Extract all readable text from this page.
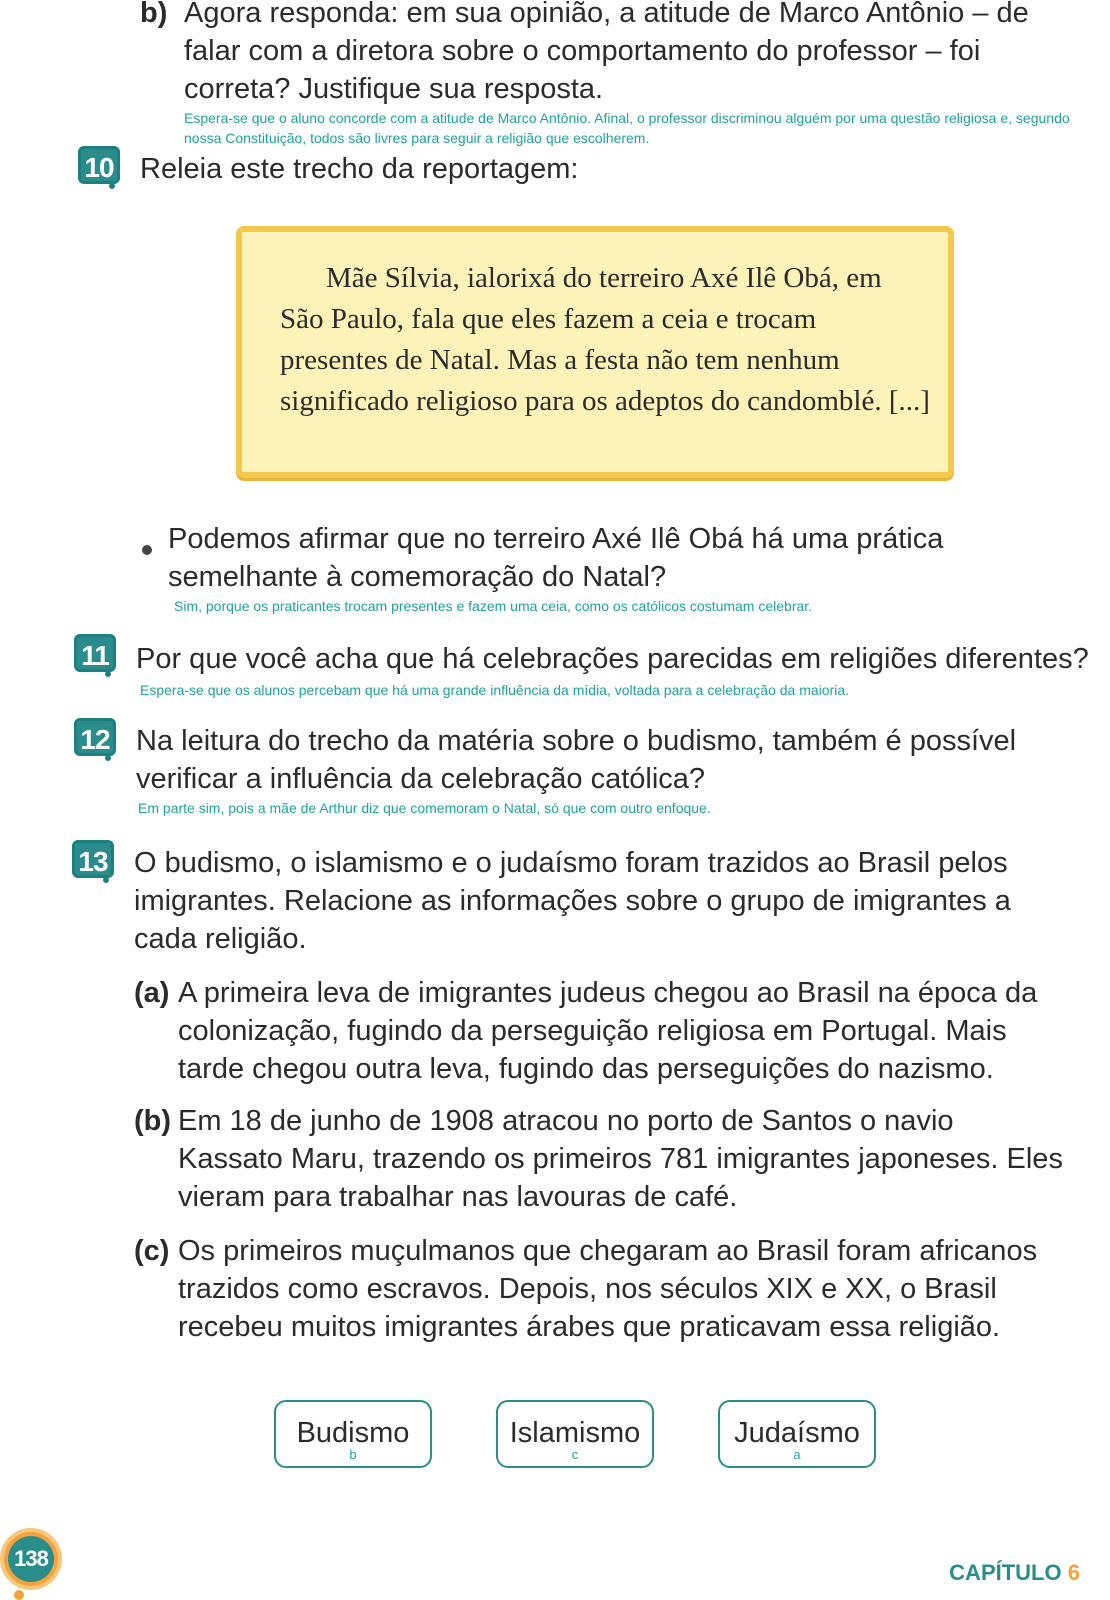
b) Agora responda: em sua opinião, a atitude de Marco Antônio – de falar com a diretora sobre o comportamento do professor – foi correta? Justifique sua resposta.
Espera-se que o aluno concorde com a atitude de Marco Antônio. Afinal, o professor discriminou alguém por uma questão religiosa e, segundo nossa Constituição, todos são livres para seguir a religião que escolherem.
10 Releia este trecho da reportagem:
Mãe Sílvia, ialorixá do terreiro Axé Ilê Obá, em São Paulo, fala que eles fazem a ceia e trocam presentes de Natal. Mas a festa não tem nenhum significado religioso para os adeptos do candomblé. [...]
Podemos afirmar que no terreiro Axé Ilê Obá há uma prática semelhante à comemoração do Natal?
Sim, porque os praticantes trocam presentes e fazem uma ceia, como os católicos costumam celebrar.
11 Por que você acha que há celebrações parecidas em religiões diferentes?
Espera-se que os alunos percebam que há uma grande influência da mídia, voltada para a celebração da maioria.
12 Na leitura do trecho da matéria sobre o budismo, também é possível verificar a influência da celebração católica?
Em parte sim, pois a mãe de Arthur diz que comemoram o Natal, só que com outro enfoque.
13 O budismo, o islamismo e o judaísmo foram trazidos ao Brasil pelos imigrantes. Relacione as informações sobre o grupo de imigrantes a cada religião.
(a) A primeira leva de imigrantes judeus chegou ao Brasil na época da colonização, fugindo da perseguição religiosa em Portugal. Mais tarde chegou outra leva, fugindo das perseguições do nazismo.
(b) Em 18 de junho de 1908 atracou no porto de Santos o navio Kassato Maru, trazendo os primeiros 781 imigrantes japoneses. Eles vieram para trabalhar nas lavouras de café.
(c) Os primeiros muçulmanos que chegaram ao Brasil foram africanos trazidos como escravos. Depois, nos séculos XIX e XX, o Brasil recebeu muitos imigrantes árabes que praticavam essa religião.
Budismo
b
Islamismo
c
Judaísmo
a
138
CAPÍTULO 6
